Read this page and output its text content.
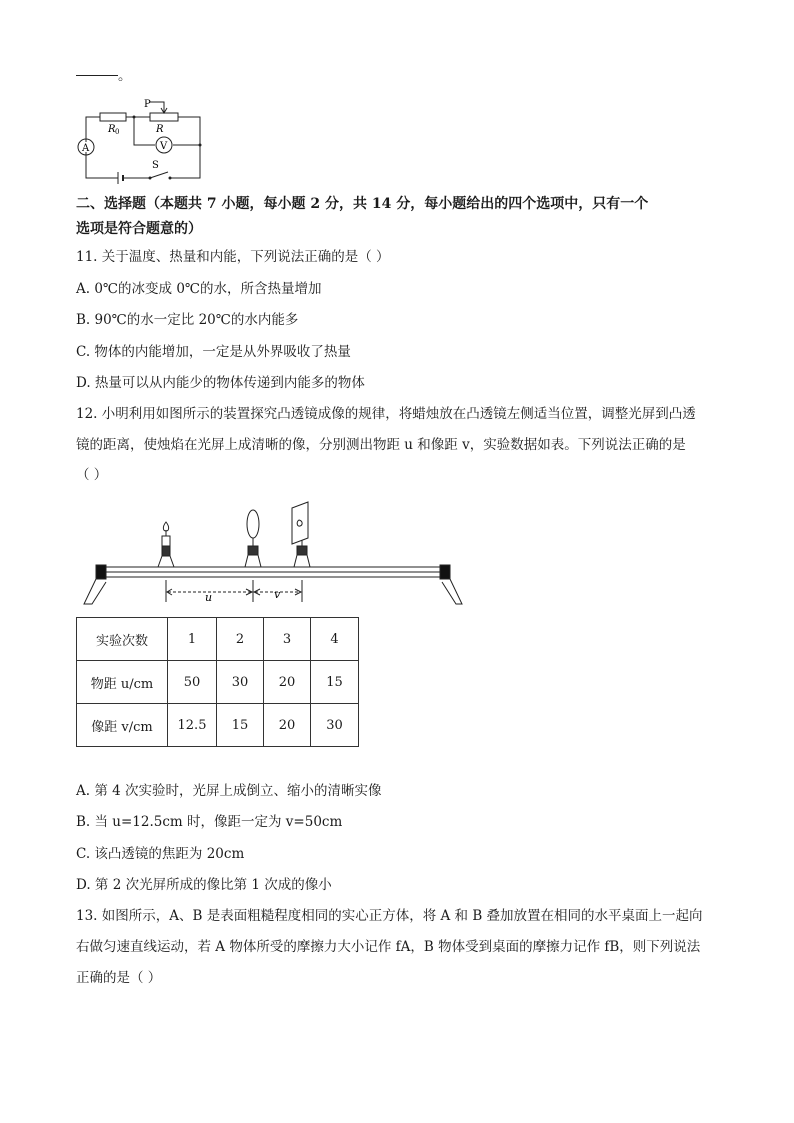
。
A	V
P
R 0	R
S
二、选择题（本题共 7 小题，每小题 2 分，共 14 分，每小题给出的四个选项中，只有一个
选项是符合题意的）
11. 关于温度、热量和内能，下列说法正确的是（ ）
A. 0℃的冰变成 0℃的水，所含热量增加
B. 90℃的水一定比 20℃的水内能多
C. 物体的内能增加，一定是从外界吸收了热量
D. 热量可以从内能少的物体传递到内能多的物体
12. 小明利用如图所示的装置探究凸透镜成像的规律，将蜡烛放在凸透镜左侧适当位置，调整光屏到凸透
镜的距离，使烛焰在光屏上成清晰的像，分别测出物距 u 和像距 v，实验数据如表。下列说法正确的是
（ ）
u	v
实验次数	1	2	3	4
物距 u/cm	50	30	20	15
像距 v/cm	12.5	15	20	30
A. 第 4 次实验时，光屏上成倒立、缩小的清晰实像
B. 当 u=12.5cm 时，像距一定为 v=50cm
C. 该凸透镜的焦距为 20cm
D. 第 2 次光屏所成的像比第 1 次成的像小
13. 如图所示，A、B 是表面粗糙程度相同的实心正方体，将 A 和 B 叠加放置在相同的水平桌面上一起向
右做匀速直线运动，若 A 物体所受的摩擦力大小记作 fA，B 物体受到桌面的摩擦力记作 fB，则下列说法
正确的是（ ）
